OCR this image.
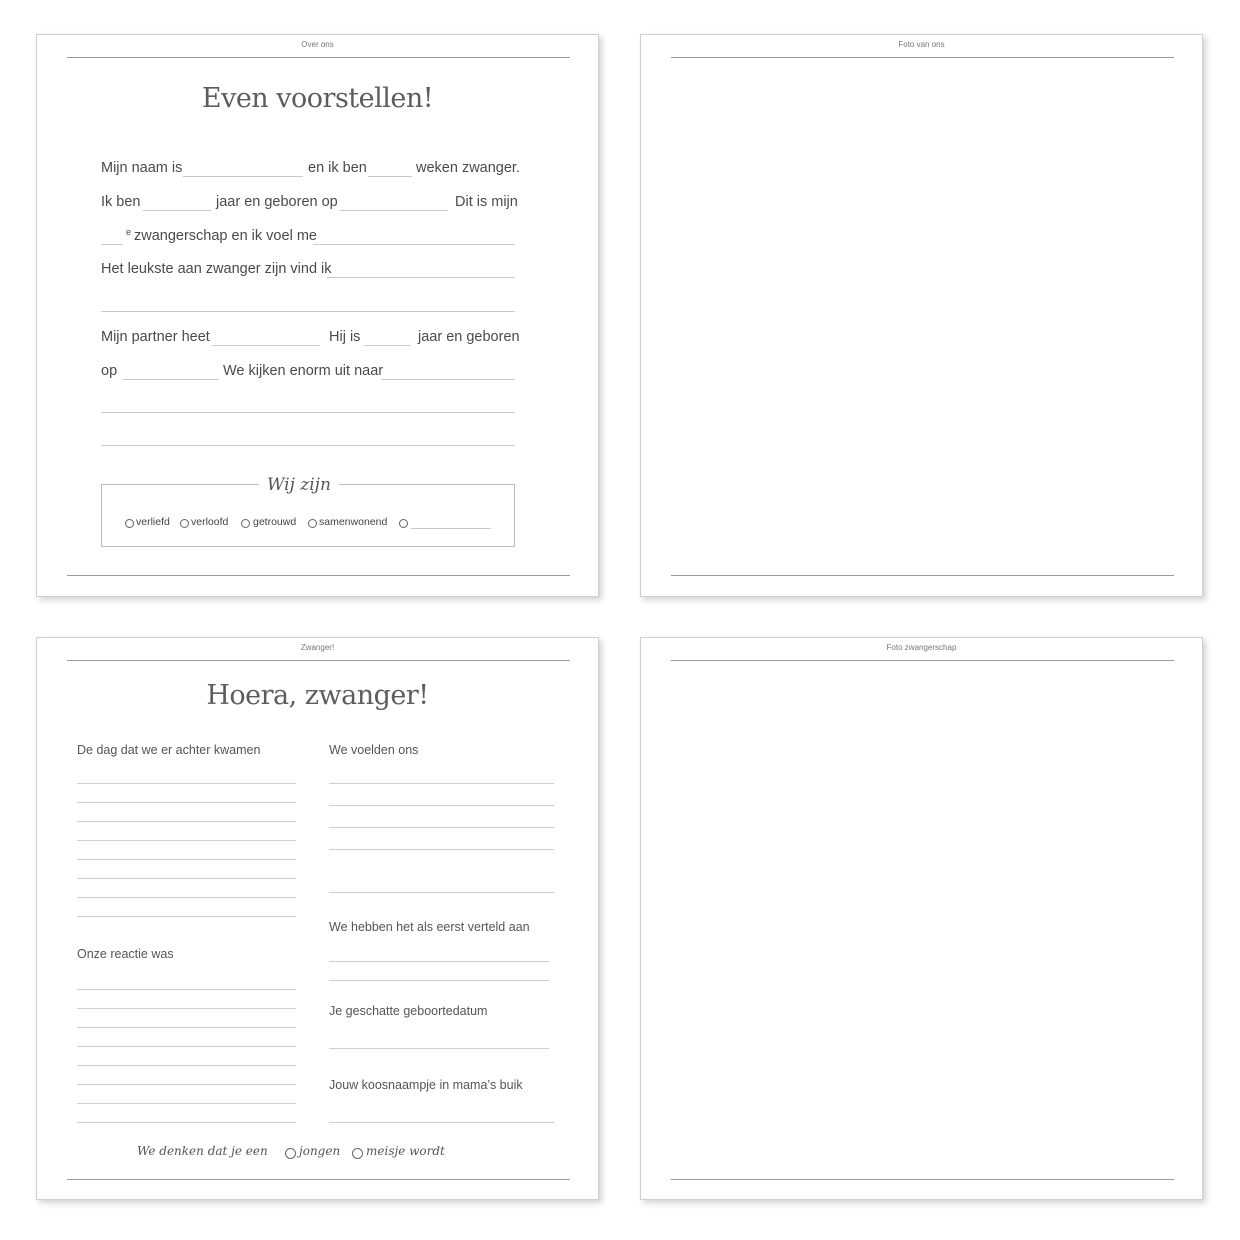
Over ons
Even voorstellen!
Mijn naam is	en ik ben	weken zwanger.
Ik ben	jaar en geboren op	Dit is mijn
e zwangerschap en ik voel me
Het leukste aan zwanger zijn vind ik
Mijn partner heet	Hij is	jaar en geboren
op	We kijken enorm uit naar
Wij zijn
verliefd verloofd getrouwd samenwonend
Foto van ons
Zwanger!
Hoera, zwanger!
De dag dat we er achter kwamen
Onze reactie was
We voelden ons
We hebben het als eerst verteld aan
Je geschatte geboortedatum
Jouw koosnaampje in mama’s buik
We denken dat je een	jongen meisje wordt
Foto zwangerschap
